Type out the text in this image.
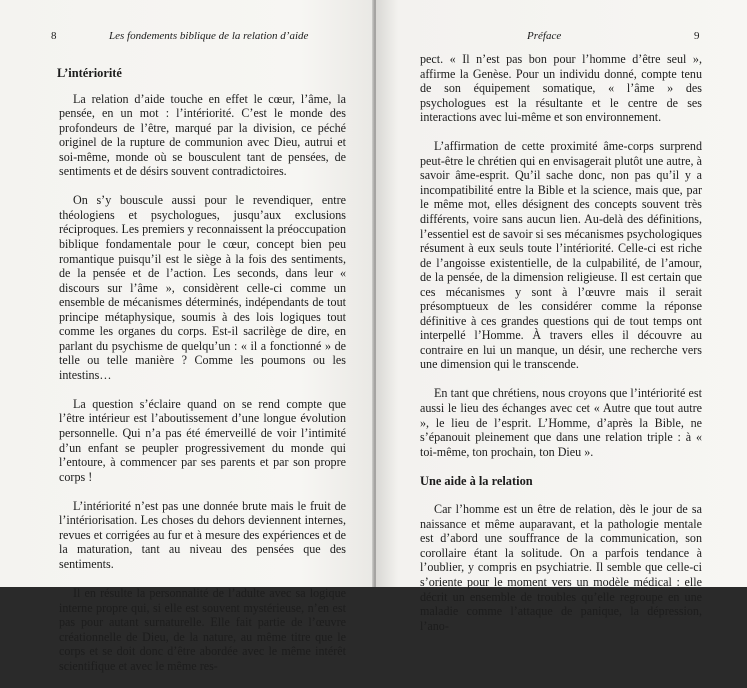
8	Les fondements biblique de la relation d’aide
L’intériorité

La relation d’aide touche en effet le cœur, l’âme, la pensée, en un mot : l’intériorité. C’est le monde des profondeurs de l’être, marqué par la division, ce péché originel de la rupture de communion avec Dieu, autrui et soi-même, monde où se bousculent tant de pensées, de sentiments et de désirs souvent contradictoires.

On s’y bouscule aussi pour le revendiquer, entre théologiens et psychologues, jusqu’aux exclusions réciproques. Les premiers y reconnaissent la préoccupation biblique fondamentale pour le cœur, concept bien peu romantique puisqu’il est le siège à la fois des sentiments, de la pensée et de l’action. Les seconds, dans leur « discours sur l’âme », considèrent celle-ci comme un ensemble de mécanismes déterminés, indépendants de tout principe métaphysique, soumis à des lois logiques tout comme les organes du corps. Est-il sacrilège de dire, en parlant du psychisme de quelqu’un : « il a fonctionné » de telle ou telle manière ? Comme les poumons ou les intestins…

La question s’éclaire quand on se rend compte que l’être intérieur est l’aboutissement d’une longue évolution personnelle. Qui n’a pas été émerveillé de voir l’intimité d’un enfant se peupler progressivement du monde qui l’entoure, à commencer par ses parents et par son propre corps !

L’intériorité n’est pas une donnée brute mais le fruit de l’intériorisation. Les choses du dehors deviennent internes, revues et corrigées au fur et à mesure des expériences et de la maturation, tant au niveau des pensées que des sentiments.

Il en résulte la personnalité de l’adulte avec sa logique interne propre qui, si elle est souvent mystérieuse, n’en est pas pour autant surnaturelle. Elle fait partie de l’œuvre créationnelle de Dieu, de la nature, au même titre que le corps et se doit donc d’être abordée avec le même intérêt scientifique et avec le même res-

Préface	9

pect. « Il n’est pas bon pour l’homme d’être seul », affirme la Genèse. Pour un individu donné, compte tenu de son équipement somatique, « l’âme » des psychologues est la résultante et le centre de ses interactions avec lui-même et son environnement.

L’affirmation de cette proximité âme-corps surprend peut-être le chrétien qui en envisagerait plutôt une autre, à savoir âme-esprit. Qu’il sache donc, non pas qu’il y a incompatibilité entre la Bible et la science, mais que, par le même mot, elles désignent des concepts souvent très différents, voire sans aucun lien. Au-delà des définitions, l’essentiel est de savoir si ses mécanismes psychologiques résument à eux seuls toute l’intériorité. Celle-ci est riche de l’angoisse existentielle, de la culpabilité, de l’amour, de la pensée, de la dimension religieuse. Il est certain que ces mécanismes y sont à l’œuvre mais il serait présomptueux de les considérer comme la réponse définitive à ces grandes questions qui de tout temps ont interpellé l’Homme. À travers elles il découvre au contraire en lui un manque, un désir, une recherche vers une dimension qui le transcende.

En tant que chrétiens, nous croyons que l’intériorité est aussi le lieu des échanges avec cet « Autre que tout autre », le lieu de l’esprit. L’Homme, d’après la Bible, ne s’épanouit pleinement que dans une relation triple : à « toi-même, ton prochain, ton Dieu ».

Une aide à la relation

Car l’homme est un être de relation, dès le jour de sa naissance et même auparavant, et la pathologie mentale est d’abord une souffrance de la communication, son corollaire étant la solitude. On a parfois tendance à l’oublier, y compris en psychiatrie. Il semble que celle-ci s’oriente pour le moment vers un modèle médical : elle décrit un ensemble de troubles qu’elle regroupe en une maladie comme l’attaque de panique, la dépression, l’ano-
